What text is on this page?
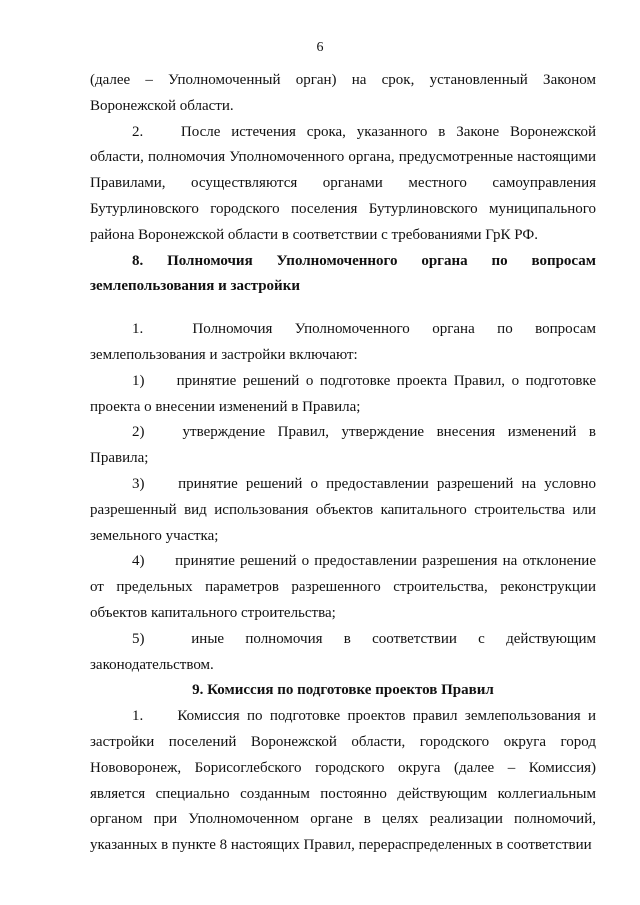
6

(далее – Уполномоченный орган) на срок, установленный Законом Воронежской области.

2. После истечения срока, указанного в Законе Воронежской области, полномочия Уполномоченного органа, предусмотренные настоящими Правилами, осуществляются органами местного самоуправления Бутурлиновского городского поселения Бутурлиновского муниципального района Воронежской области в соответствии с требованиями ГрК РФ.

8. Полномочия Уполномоченного органа по вопросам землепользования и застройки

1. Полномочия Уполномоченного органа по вопросам землепользования и застройки включают:

1) принятие решений о подготовке проекта Правил, о подготовке проекта о внесении изменений в Правила;

2) утверждение Правил, утверждение внесения изменений в Правила;

3) принятие решений о предоставлении разрешений на условно разрешенный вид использования объектов капитального строительства или земельного участка;

4) принятие решений о предоставлении разрешения на отклонение от предельных параметров разрешенного строительства, реконструкции объектов капитального строительства;

5) иные полномочия в соответствии с действующим законодательством.

9. Комиссия по подготовке проектов Правил

1. Комиссия по подготовке проектов правил землепользования и застройки поселений Воронежской области, городского округа город Нововоронеж, Борисоглебского городского округа (далее – Комиссия) является специально созданным постоянно действующим коллегиальным органом при Уполномоченном органе в целях реализации полномочий, указанных в пункте 8 настоящих Правил, перераспределенных в соответствии
